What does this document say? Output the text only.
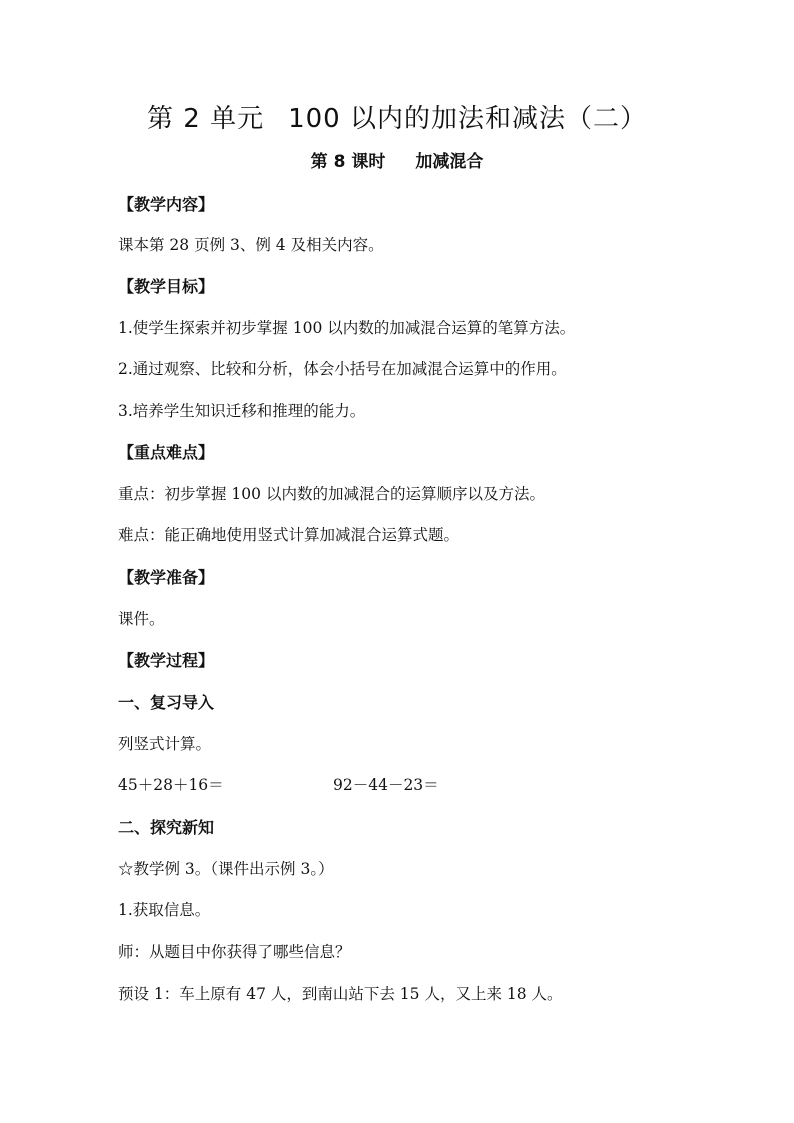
第 2 单元 100 以内的加法和减法（二）
第 8 课时 加减混合
【教学内容】
课本第 28 页例 3、例 4 及相关内容。
【教学目标】
1.使学生探索并初步掌握 100 以内数的加减混合运算的笔算方法。
2.通过观察、比较和分析，体会小括号在加减混合运算中的作用。
3.培养学生知识迁移和推理的能力。
【重点难点】
重点：初步掌握 100 以内数的加减混合的运算顺序以及方法。
难点：能正确地使用竖式计算加减混合运算式题。
【教学准备】
课件。
【教学过程】
一、复习导入
列竖式计算。
45＋28＋16＝	92－44－23＝
二、探究新知
☆教学例 3。（课件出示例 3。）
1.获取信息。
师：从题目中你获得了哪些信息？
预设 1：车上原有 47 人，到南山站下去 15 人，又上来 18 人。
